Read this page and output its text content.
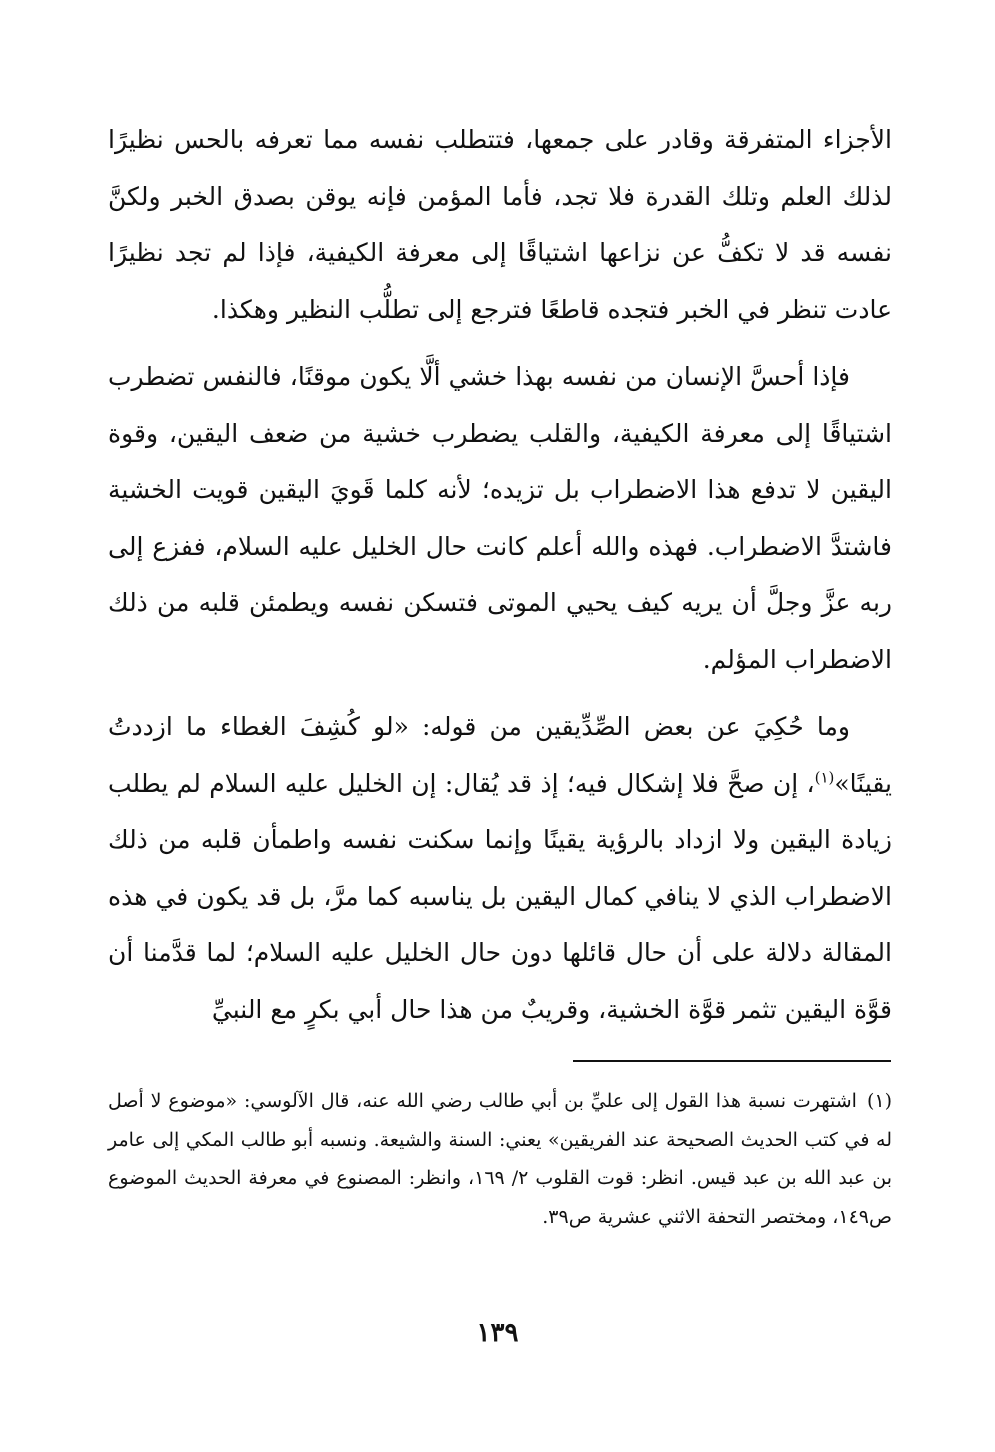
الأجزاء المتفرقة وقادر على جمعها، فتتطلب نفسه مما تعرفه بالحس نظيرًا لذلك العلم وتلك القدرة فلا تجد، فأما المؤمن فإنه يوقن بصدق الخبر ولكنَّ نفسه قد لا تكفُّ عن نزاعها اشتياقًا إلى معرفة الكيفية، فإذا لم تجد نظيرًا عادت تنظر في الخبر فتجده قاطعًا فترجع إلى تطلُّب النظير وهكذا.

فإذا أحسَّ الإنسان من نفسه بهذا خشي ألَّا يكون موقنًا، فالنفس تضطرب اشتياقًا إلى معرفة الكيفية، والقلب يضطرب خشية من ضعف اليقين، وقوة اليقين لا تدفع هذا الاضطراب بل تزيده؛ لأنه كلما قَويَ اليقين قويت الخشية فاشتدَّ الاضطراب. فهذه والله أعلم كانت حال الخليل عليه السلام، ففزع إلى ربه عزَّ وجلَّ أن يريه كيف يحيي الموتى فتسكن نفسه ويطمئن قلبه من ذلك الاضطراب المؤلم.

وما حُكِيَ عن بعض الصِّدِّيقين من قوله: «لو كُشِفَ الغطاء ما ازددتُ يقينًا»$^{(١)}$، إن صحَّ فلا إشكال فيه؛ إذ قد يُقال: إن الخليل عليه السلام لم يطلب زيادة اليقين ولا ازداد بالرؤية يقينًا وإنما سكنت نفسه واطمأن قلبه من ذلك الاضطراب الذي لا ينافي كمال اليقين بل يناسبه كما مرَّ، بل قد يكون في هذه المقالة دلالة على أن حال قائلها دون حال الخليل عليه السلام؛ لما قدَّمنا أن قوَّة اليقين تثمر قوَّة الخشية، وقريبٌ من هذا حال أبي بكرٍ مع النبيِّ

(١)اشتهرت نسبة هذا القول إلى عليِّ بن أبي طالب رضي الله عنه، قال الآلوسي: «موضوع لا أصل له في كتب الحديث الصحيحة عند الفريقين» يعني: السنة والشيعة. ونسبه أبو طالب المكي إلى عامر بن عبد الله بن عبد قيس. انظر: قوت القلوب ٢/ ١٦٩، وانظر: المصنوع في معرفة الحديث الموضوع ص١٤٩، ومختصر التحفة الاثني عشرية ص٣٩.

١٣٩
